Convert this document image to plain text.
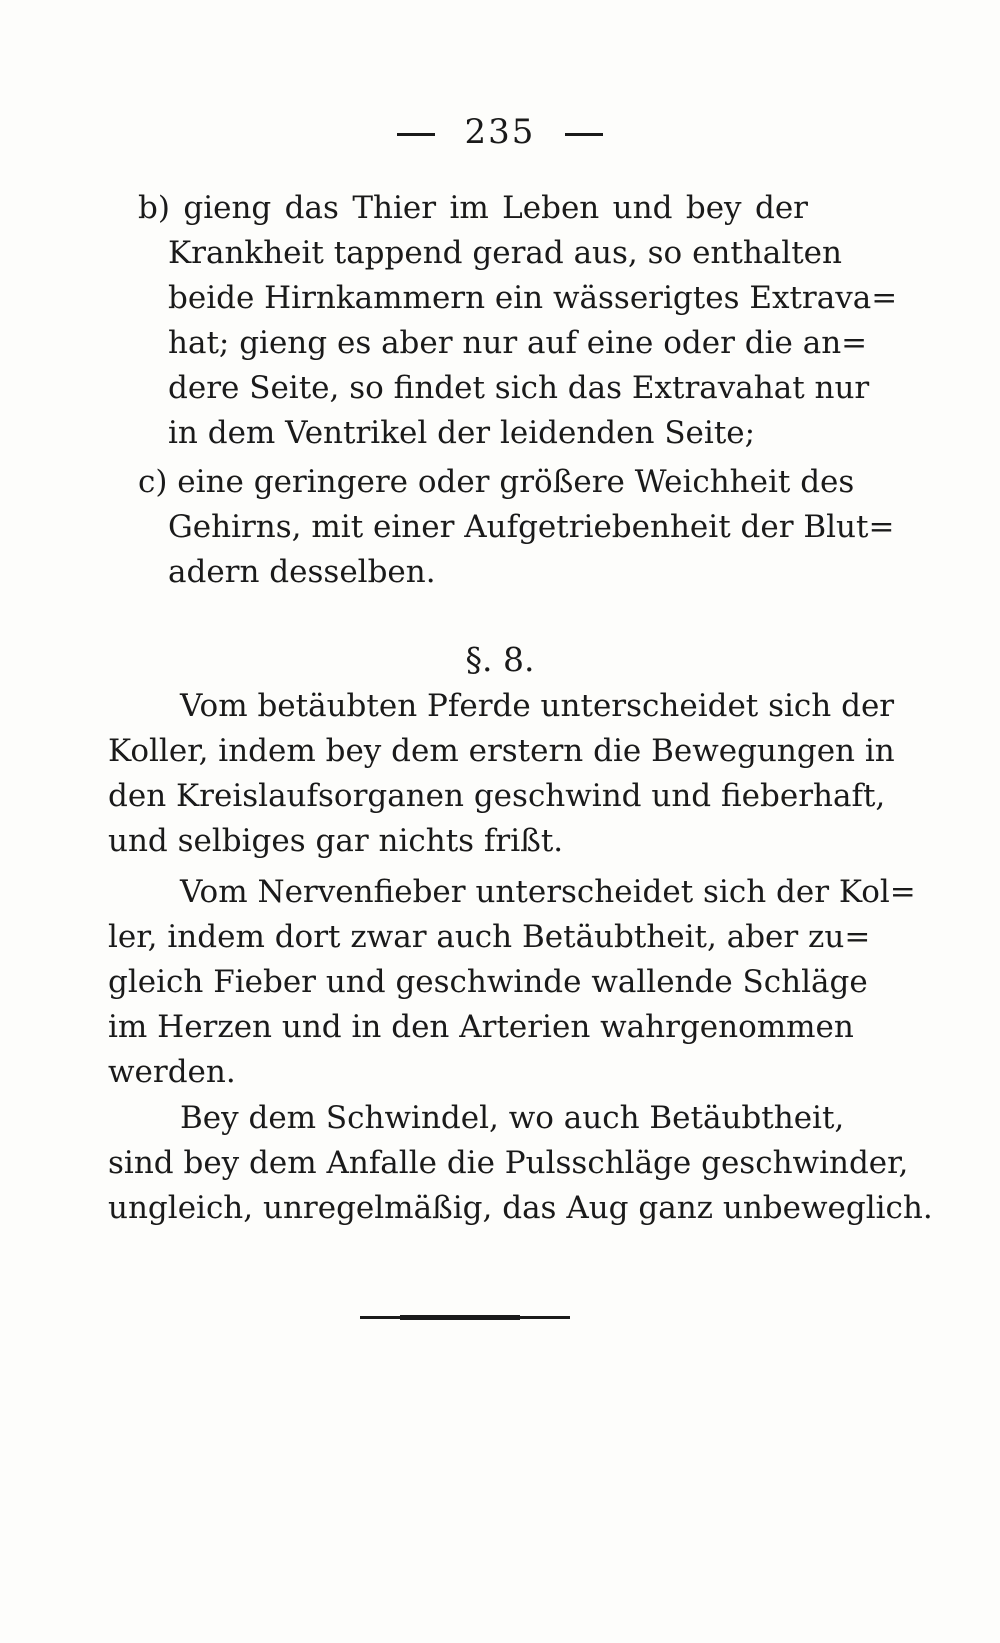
235
b) gieng das Thier im Leben und bey der
Krankheit tappend gerad aus, so enthalten
beide Hirnkammern ein wässerigtes Extrava=
hat; gieng es aber nur auf eine oder die an=
dere Seite, so findet sich das Extravahat nur
in dem Ventrikel der leidenden Seite;
c) eine geringere oder größere Weichheit des
Gehirns, mit einer Aufgetriebenheit der Blut=
adern desselben.
§. 8.
Vom betäubten Pferde unterscheidet sich der
Koller, indem bey dem erstern die Bewegungen in
den Kreislaufsorganen geschwind und fieberhaft,
und selbiges gar nichts frißt.
Vom Nervenfieber unterscheidet sich der Kol=
ler, indem dort zwar auch Betäubtheit, aber zu=
gleich Fieber und geschwinde wallende Schläge
im Herzen und in den Arterien wahrgenommen
werden.
Bey dem Schwindel, wo auch Betäubtheit,
sind bey dem Anfalle die Pulsschläge geschwinder,
ungleich, unregelmäßig, das Aug ganz unbeweglich.
